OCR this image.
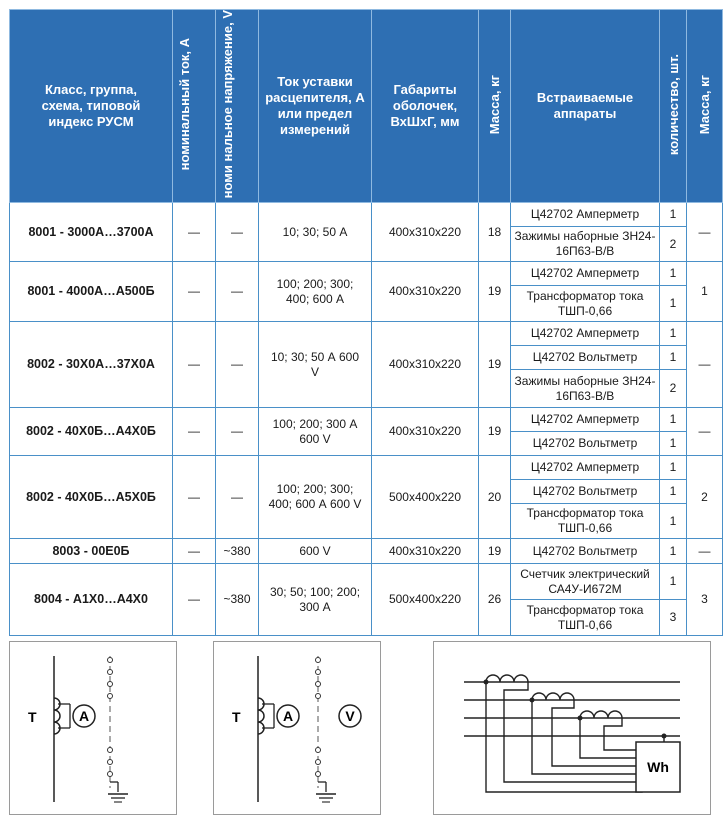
Класс, группа, схема, типовой индекс РУСМ	номинальный ток, А	номи нальное напряжение, V	Ток уставки расцепителя, А или предел измерений	Габариты оболочек, ВхШхГ, мм	Масса, кг	Встраиваемые аппараты	количество, шт.	Масса, кг
8001 - 3000А…3700А	—	—	10; 30; 50 А	400x310x220	18	Ц42702 Амперметр	1	—
						Зажимы наборные ЗН24-16П63-В/В	2	
8001 - 4000А…А500Б	—	—	100; 200; 300; 400; 600 А	400x310x220	19	Ц42702 Амперметр	1	1
						Трансформатор тока ТШП-0,66	1	
8002 - 30Х0А…37Х0А	—	—	10; 30; 50 А 600 V	400x310x220	19	Ц42702 Амперметр	1	—
						Ц42702 Вольтметр	1	
						Зажимы наборные ЗН24-16П63-В/В	2	
8002 - 40Х0Б…А4Х0Б	—	—	100; 200; 300 А 600 V	400x310x220	19	Ц42702 Амперметр	1	—
						Ц42702 Вольтметр	1	
8002 - 40Х0Б…А5Х0Б	—	—	100; 200; 300; 400; 600 А 600 V	500x400x220	20	Ц42702 Амперметр	1	2
						Ц42702 Вольтметр	1	
						Трансформатор тока ТШП-0,66	1	
8003 - 00Е0Б	—	~380	600 V	400x310x220	19	Ц42702 Вольтметр	1	—
8004 - А1Х0…А4Х0	—	~380	30; 50; 100; 200; 300 А	500x400x220	26	Счетчик электрический СА4У-И672М	1	3
						Трансформатор тока ТШП-0,66	3	
A
T	A
T	V
Wh
